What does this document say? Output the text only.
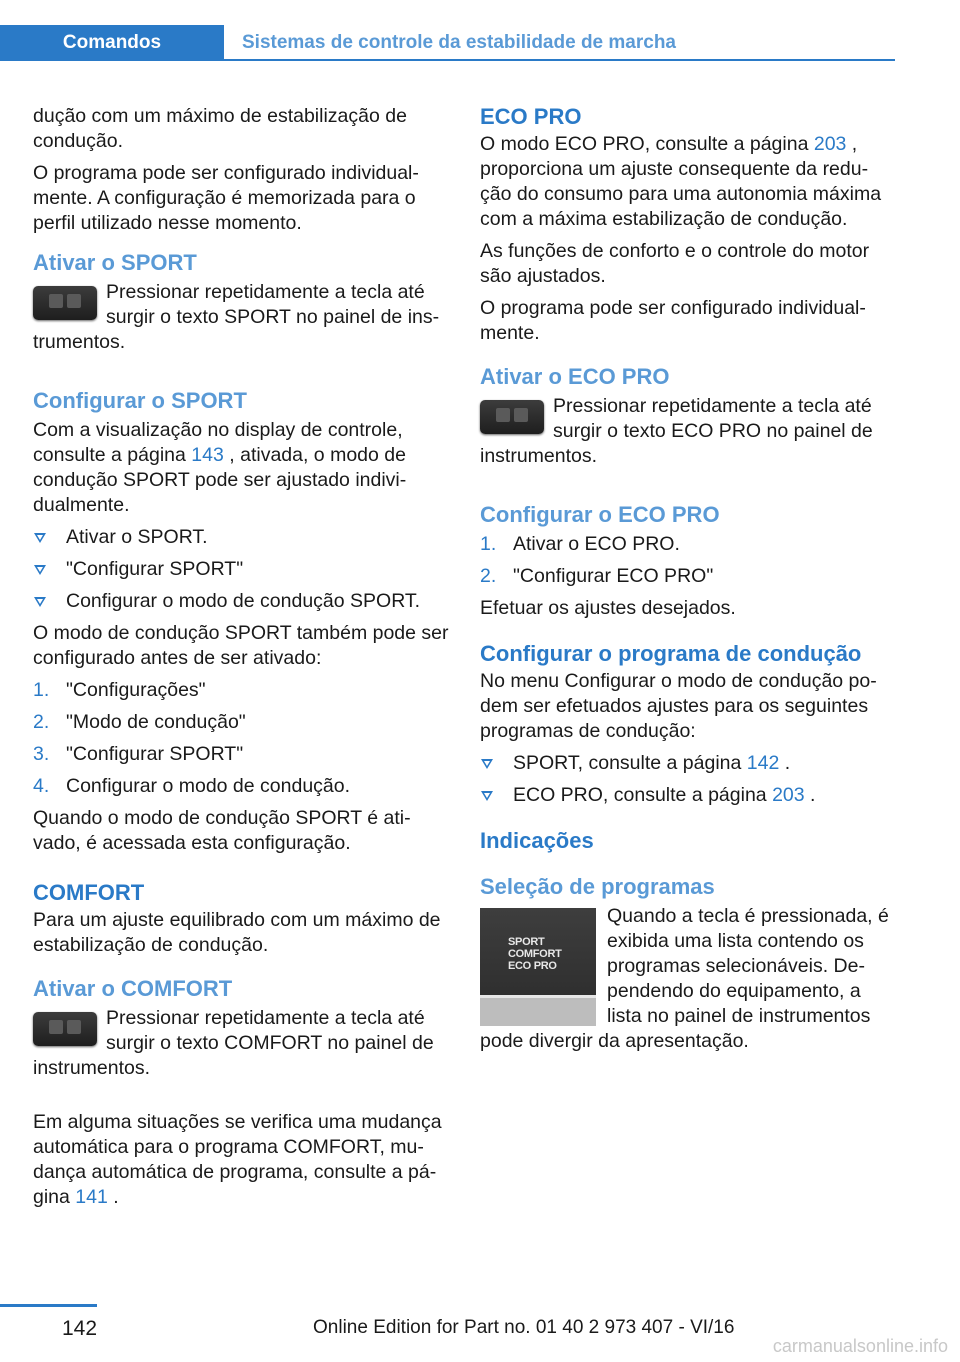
Comandos	Sistemas de controle da estabilidade de marcha

dução com um máximo de estabilização de condução.

O programa pode ser configurado individual-mente. A configuração é memorizada para o perfil utilizado nesse momento.

Ativar o SPORT

Pressionar repetidamente a tecla até surgir o texto SPORT no painel de ins-trumentos.

Configurar o SPORT

Com a visualização no display de controle, consulte a página 143 , ativada, o modo de condução SPORT pode ser ajustado indivi-dualmente.

Ativar o SPORT.
"Configurar SPORT"
Configurar o modo de condução SPORT.

O modo de condução SPORT também pode ser configurado antes de ser ativado:

1. "Configurações"
2. "Modo de condução"
3. "Configurar SPORT"
4. Configurar o modo de condução.

Quando o modo de condução SPORT é ati-vado, é acessada esta configuração.

COMFORT

Para um ajuste equilibrado com um máximo de estabilização de condução.

Ativar o COMFORT

Pressionar repetidamente a tecla até surgir o texto COMFORT no painel de instrumentos.

Em alguma situações se verifica uma mudança automática para o programa COMFORT, mu-dança automática de programa, consulte a pá-gina 141 .

ECO PRO

O modo ECO PRO, consulte a página 203 , proporciona um ajuste consequente da redu-ção do consumo para uma autonomia máxima com a máxima estabilização de condução.

As funções de conforto e o controle do motor são ajustados.

O programa pode ser configurado individual-mente.

Ativar o ECO PRO

Pressionar repetidamente a tecla até surgir o texto ECO PRO no painel de instrumentos.

Configurar o ECO PRO
1. Ativar o ECO PRO.
2. "Configurar ECO PRO"

Efetuar os ajustes desejados.

Configurar o programa de condução

No menu Configurar o modo de condução po-dem ser efetuados ajustes para os seguintes programas de condução:

SPORT, consulte a página 142 .
ECO PRO, consulte a página 203 .
Indicações
Seleção de programas
SPORT
COMFORT
ECO PRO

Quando a tecla é pressionada, é exibida uma lista contendo os programas selecionáveis. De-pendendo do equipamento, a lista no painel de instrumentos pode divergir da apresentação.

142	Online Edition for Part no. 01 40 2 973 407 - VI/16
carmanualsonline.info
